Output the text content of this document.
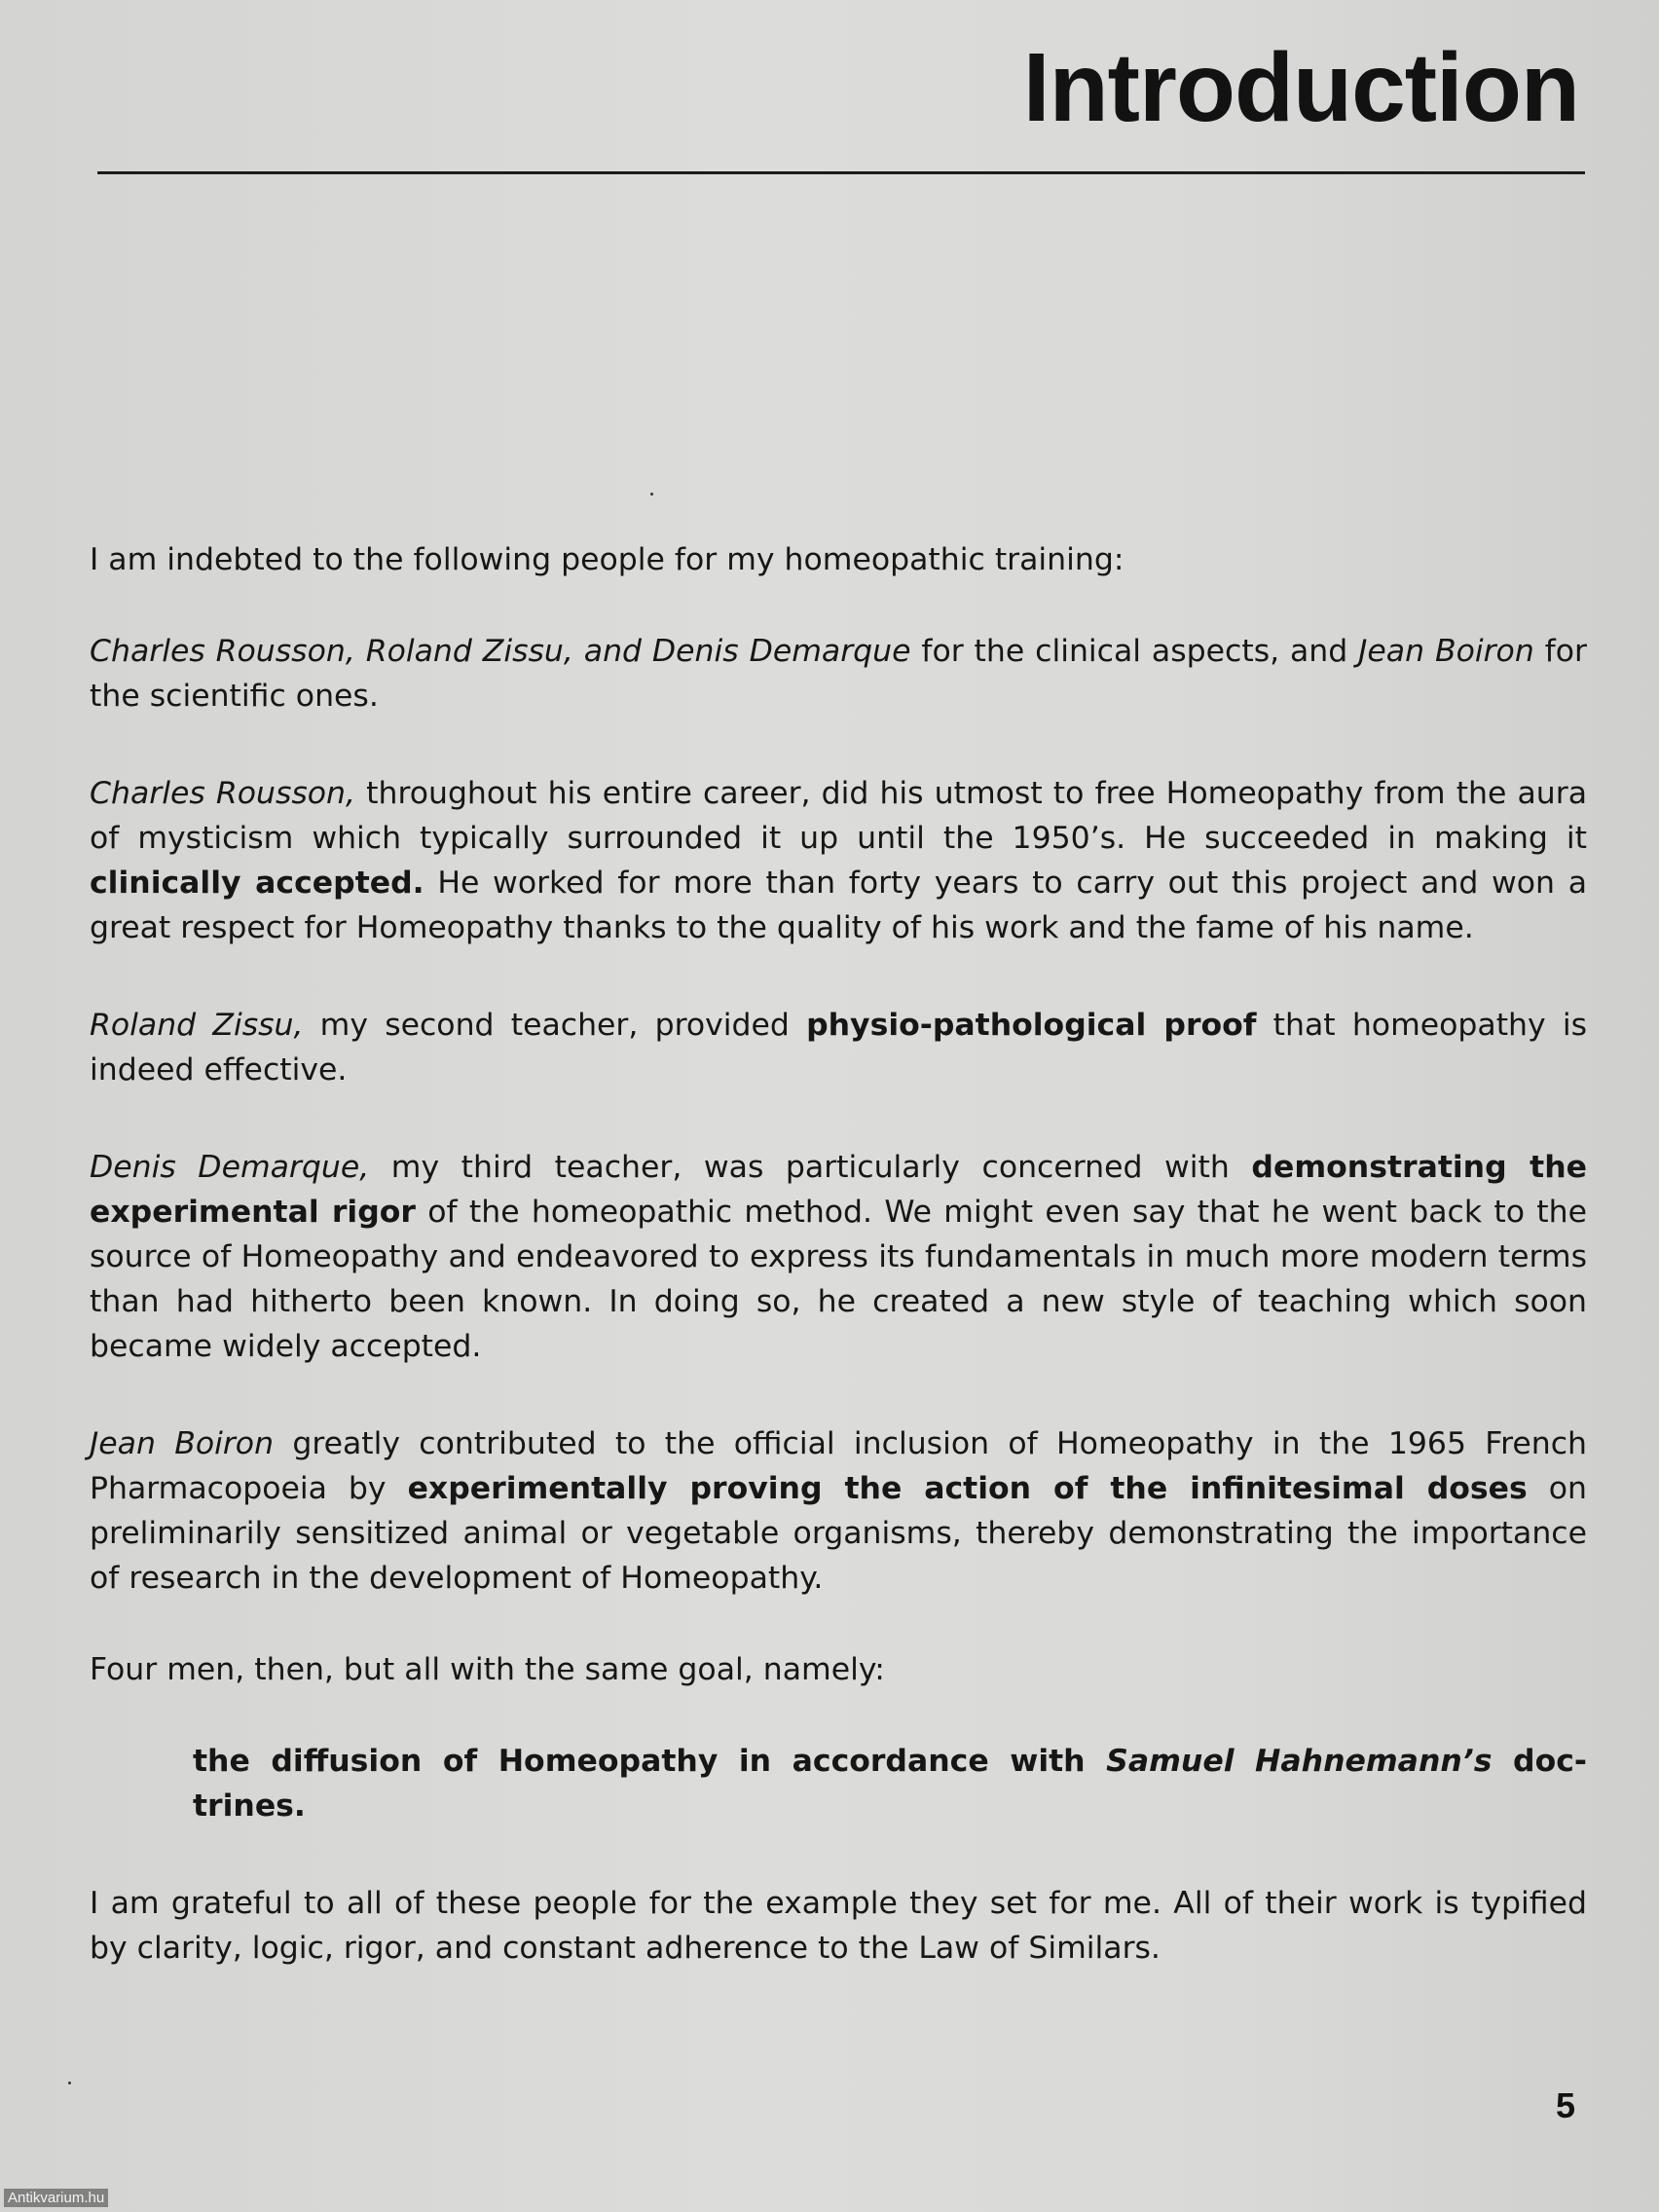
Introduction

I am indebted to the following people for my homeopathic training:

Charles Rousson, Roland Zissu, and Denis Demarque for the clinical aspects, and Jean Boiron for the scientific ones.

Charles Rousson, throughout his entire career, did his utmost to free Homeopathy from the aura of mysticism which typically surrounded it up until the 1950’s. He succeeded in making it clinically accepted. He worked for more than forty years to carry out this project and won a great respect for Homeopathy thanks to the quality of his work and the fame of his name.

Roland Zissu, my second teacher, provided physio-pathological proof that homeopathy is indeed effective.

Denis Demarque, my third teacher, was particularly concerned with demonstrating the experimental rigor of the homeopathic method. We might even say that he went back to the source of Homeopathy and endeavored to express its fundamentals in much more modern terms than had hitherto been known. In doing so, he created a new style of teaching which soon became widely accepted.

Jean Boiron greatly contributed to the official inclusion of Homeopathy in the 1965 French Pharmacopoeia by experimentally proving the action of the infinitesimal doses on preliminarily sensitized animal or vegetable organisms, thereby demonstrating the importance of research in the development of Homeopathy.

Four men, then, but all with the same goal, namely:

the diffusion of Homeopathy in accordance with Samuel Hahnemann’s doctrines.

I am grateful to all of these people for the example they set for me. All of their work is typified by clarity, logic, rigor, and constant adherence to the Law of Similars.

5
Antikvarium.hu
